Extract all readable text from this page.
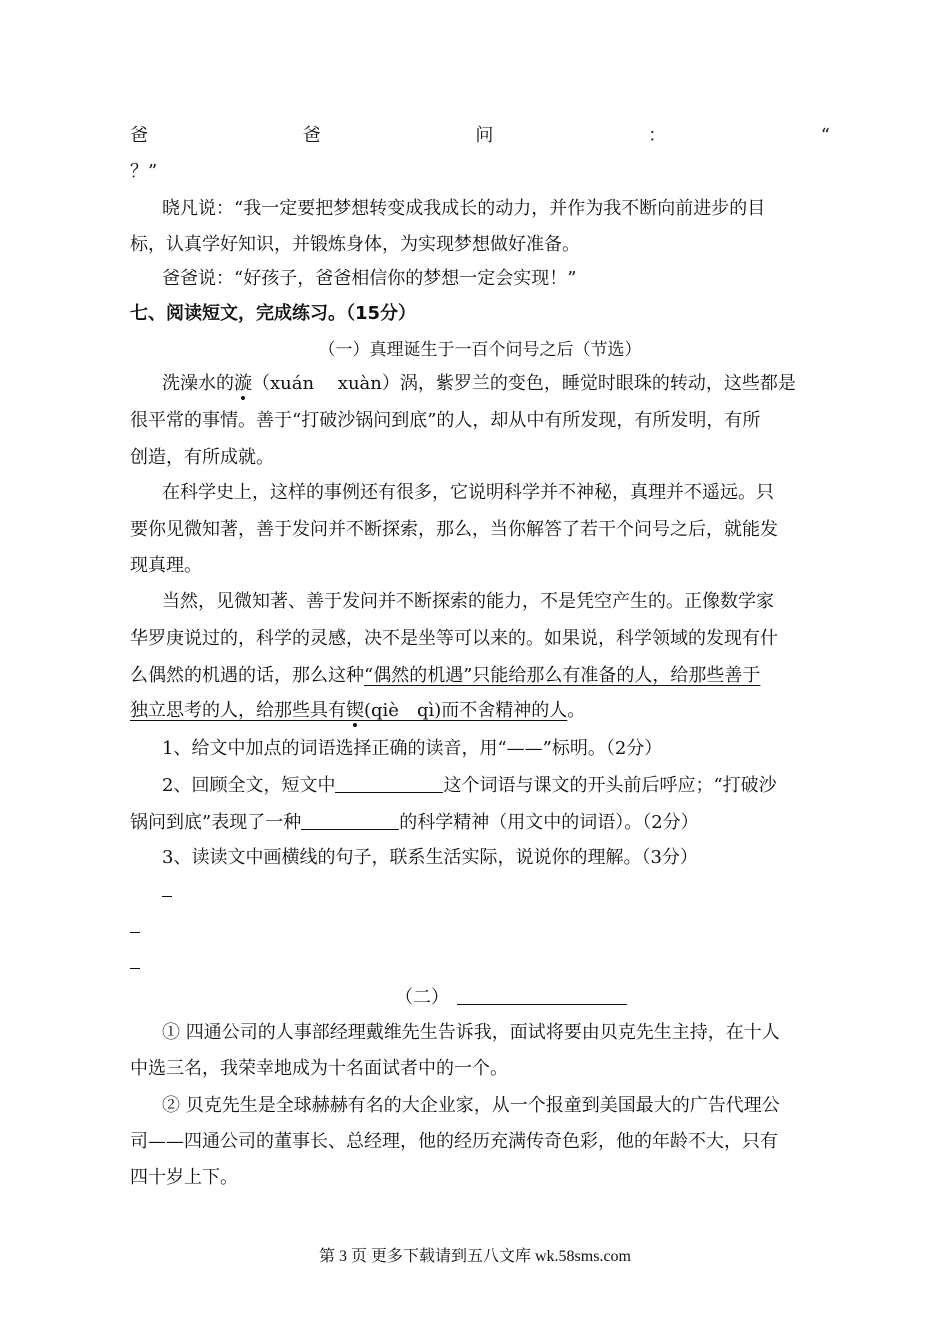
爸	爸	问	：	“
？”
晓凡说：“我一定要把梦想转变成我成长的动力，并作为我不断向前进步的目
标，认真学好知识，并锻炼身体，为实现梦想做好准备。
爸爸说：“好孩子，爸爸相信你的梦想一定会实现！”
七、阅读短文，完成练习。（15分）
（一）真理诞生于一百个问号之后（节选）
洗澡水的漩（xuán　 xuàn）涡，紫罗兰的变色，睡觉时眼珠的转动，这些都是
很平常的事情。善于“打破沙锅问到底”的人，却从中有所发现，有所发明，有所
创造，有所成就。
在科学史上，这样的事例还有很多，它说明科学并不神秘，真理并不遥远。只
要你见微知著，善于发问并不断探索，那么，当你解答了若干个问号之后，就能发
现真理。
当然，见微知著、善于发问并不断探索的能力，不是凭空产生的。正像数学家
华罗庚说过的，科学的灵感，决不是坐等可以来的。如果说，科学领域的发现有什
么偶然的机遇的话，那么这种“偶然的机遇”只能给那么有准备的人，给那些善于
独立思考的人，给那些具有锲(qiè　qì)而不舍精神的人。
1、给文中加点的词语选择正确的读音，用“——”标明。（2分）
2、回顾全文，短文中	这个词语与课文的开头前后呼应；“打破沙
锅问到底”表现了一种	的科学精神（用文中的词语）。（2分）
3、读读文中画横线的句子，联系生活实际，说说你的理解。（3分）
（二）
① 四通公司的人事部经理戴维先生告诉我，面试将要由贝克先生主持，在十人
中选三名，我荣幸地成为十名面试者中的一个。
② 贝克先生是全球赫赫有名的大企业家，从一个报童到美国最大的广告代理公
司——四通公司的董事长、总经理，他的经历充满传奇色彩，他的年龄不大，只有
四十岁上下。
第 3 页 更多下载请到五八文库 wk.58sms.com
